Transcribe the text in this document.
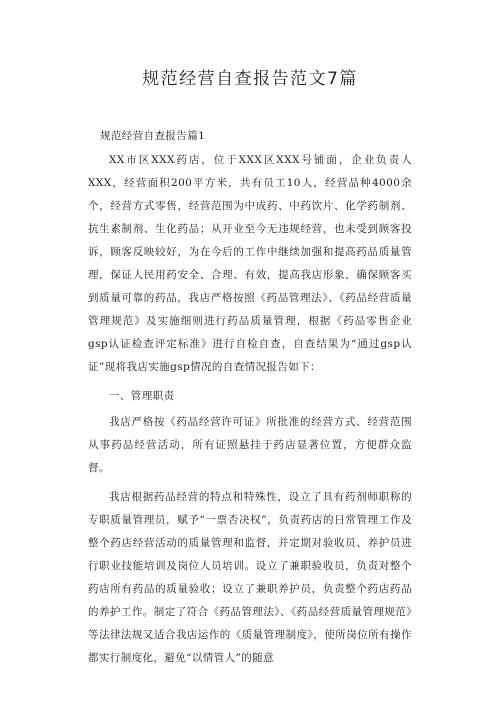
规范经营自查报告范文7篇

规范经营自查报告篇1

XX市区XXX药店，位于XXX区XXX号铺面，企业负责人XXX，经营面积200平方米，共有员工10人，经营品种4000余个，经营方式零售，经营范围为中成药、中药饮片、化学药制剂、抗生素制剂、生化药品；从开业至今无违规经营，也未受到顾客投诉，顾客反映较好，为在今后的工作中继续加强和提高药品质量管理，保证人民用药安全、合理、有效，提高我店形象，确保顾客买到质量可靠的药品，我店严格按照《药品管理法》、《药品经营质量管理规范》及实施细则进行药品质量管理，根据《药品零售企业gsp认证检查评定标准》进行自检自查，自查结果为“通过gsp认证”现将我店实施gsp情况的自查情况报告如下：

一、管理职责

我店严格按《药品经营许可证》所批准的经营方式、经营范围从事药品经营活动，所有证照悬挂于药店显著位置，方便群众监督。

我店根据药品经营的特点和特殊性，设立了具有药剂师职称的专职质量管理员，赋予“一票否决权”，负责药店的日常管理工作及整个药店经营活动的质量管理和监督，并定期对验收员、养护员进行职业技能培训及岗位人员培训。设立了兼职验收员，负责对整个药店所有药品的质量验收；设立了兼职养护员，负责整个药店药品的养护工作。制定了符合《药品管理法》、《药品经营质量管理规范》等法律法规又适合我店运作的《质量管理制度》，使所岗位所有操作都实行制度化，避免“以情管人”的随意
